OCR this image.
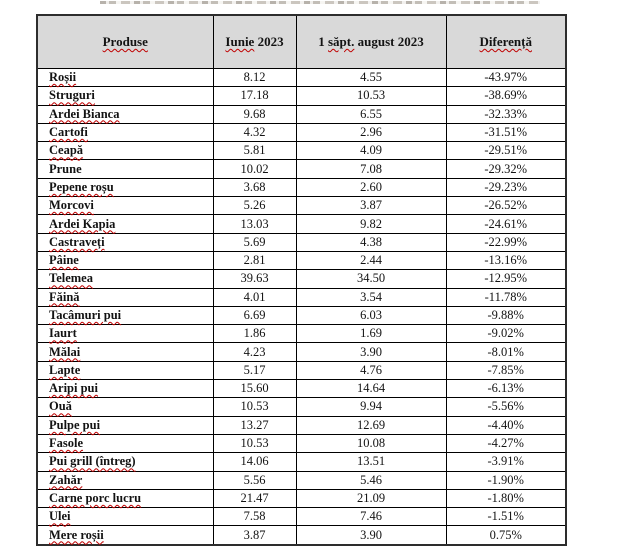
Produse	Iunie 2023	1 săpt. august 2023	Diferență
Roșii	8.12	4.55	-43.97%
Struguri	17.18	10.53	-38.69%
Ardei Bianca	9.68	6.55	-32.33%
Cartofi	4.32	2.96	-31.51%
Ceapă	5.81	4.09	-29.51%
Prune	10.02	7.08	-29.32%
Pepene roșu	3.68	2.60	-29.23%
Morcovi	5.26	3.87	-26.52%
Ardei Kapia	13.03	9.82	-24.61%
Castraveți	5.69	4.38	-22.99%
Pâine	2.81	2.44	-13.16%
Telemea	39.63	34.50	-12.95%
Făină	4.01	3.54	-11.78%
Tacâmuri pui	6.69	6.03	-9.88%
Iaurt	1.86	1.69	-9.02%
Mălai	4.23	3.90	-8.01%
Lapte	5.17	4.76	-7.85%
Aripi pui	15.60	14.64	-6.13%
Ouă	10.53	9.94	-5.56%
Pulpe pui	13.27	12.69	-4.40%
Fasole	10.53	10.08	-4.27%
Pui grill (întreg)	14.06	13.51	-3.91%
Zahăr	5.56	5.46	-1.90%
Carne porc lucru	21.47	21.09	-1.80%
Ulei	7.58	7.46	-1.51%
Mere roșii	3.87	3.90	0.75%
